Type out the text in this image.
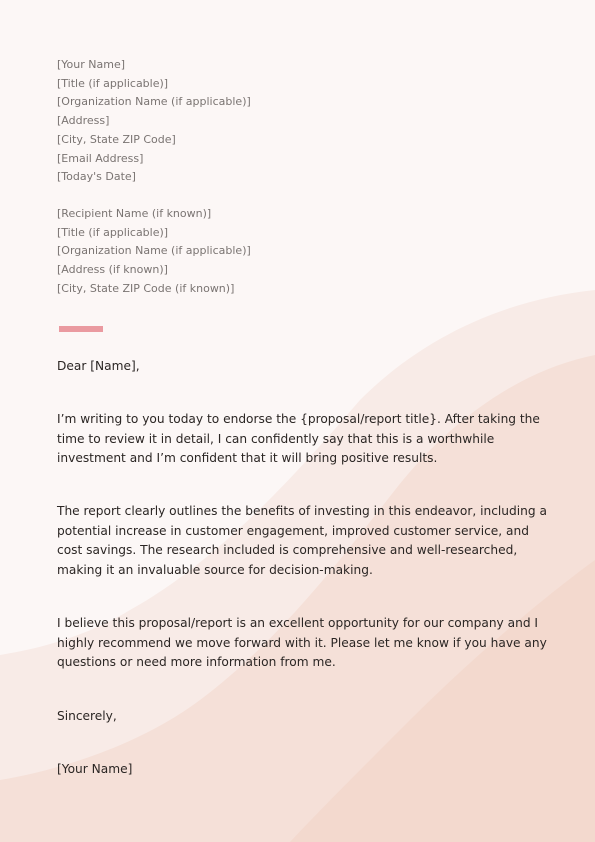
[Your Name]
[Title (if applicable)]
[Organization Name (if applicable)]
[Address]
[City, State ZIP Code]
[Email Address]
[Today's Date]
[Recipient Name (if known)]
[Title (if applicable)]
[Organization Name (if applicable)]
[Address (if known)]
[City, State ZIP Code (if known)]

Dear [Name],

I’m writing to you today to endorse the {proposal/report title}. After taking the time to review it in detail, I can confidently say that this is a worthwhile investment and I’m confident that it will bring positive results.

The report clearly outlines the benefits of investing in this endeavor, including a potential increase in customer engagement, improved customer service, and cost savings. The research included is comprehensive and well-researched, making it an invaluable source for decision-making.

I believe this proposal/report is an excellent opportunity for our company and I highly recommend we move forward with it. Please let me know if you have any questions or need more information from me.

Sincerely,

[Your Name]
